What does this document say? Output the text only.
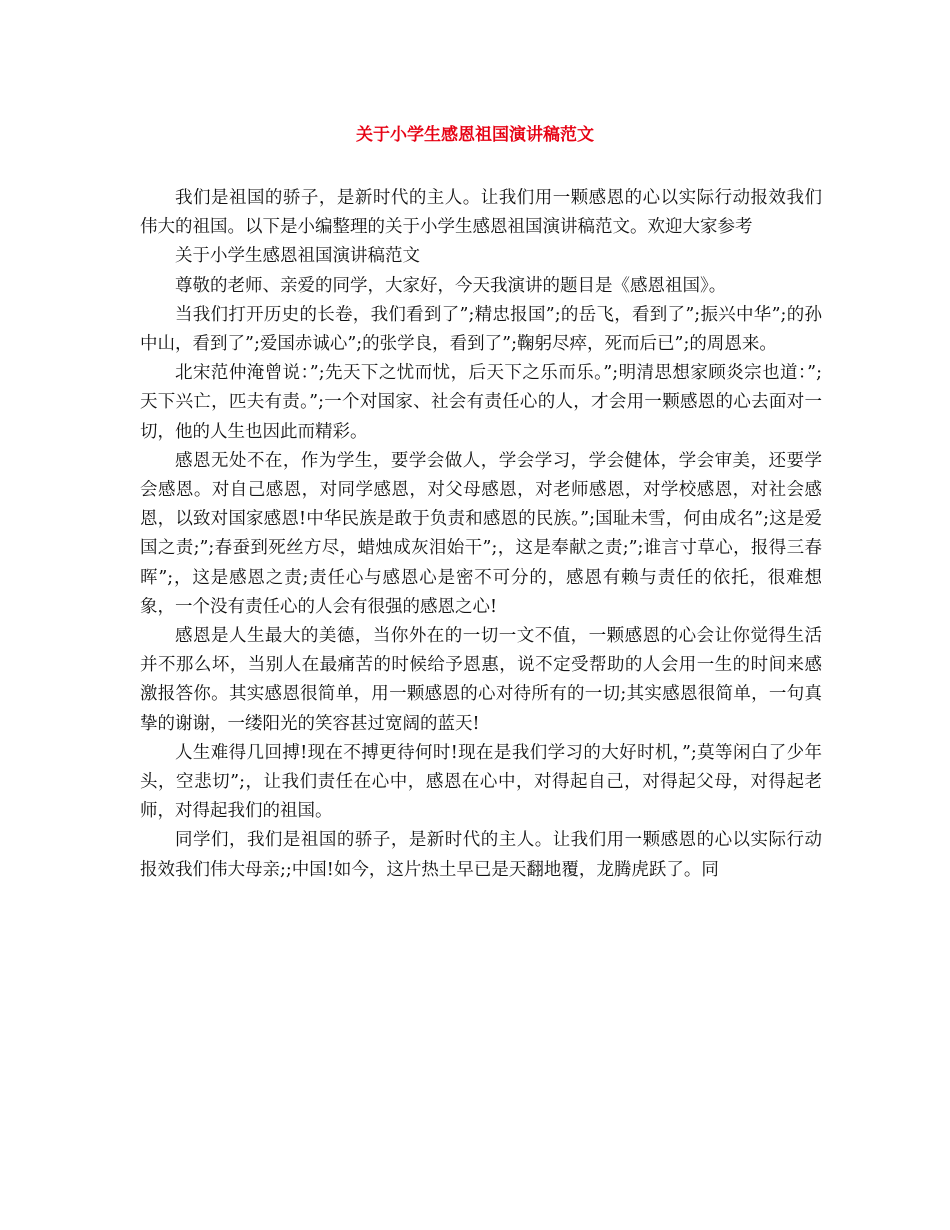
关于小学生感恩祖国演讲稿范文

我们是祖国的骄子，是新时代的主人。让我们用一颗感恩的心以实际行动报效我们伟大的祖国。以下是小编整理的关于小学生感恩祖国演讲稿范文。欢迎大家参考

关于小学生感恩祖国演讲稿范文

尊敬的老师、亲爱的同学，大家好，今天我演讲的题目是《感恩祖国》。

当我们打开历史的长卷，我们看到了”;精忠报国”;的岳飞，看到了”;振兴中华”;的孙中山，看到了”;爱国赤诚心”;的张学良，看到了”;鞠躬尽瘁，死而后已”;的周恩来。

北宋范仲淹曾说：”;先天下之忧而忧，后天下之乐而乐。”;明清思想家顾炎宗也道：”;天下兴亡，匹夫有责。”;一个对国家、社会有责任心的人，才会用一颗感恩的心去面对一切，他的人生也因此而精彩。

感恩无处不在，作为学生，要学会做人，学会学习，学会健体，学会审美，还要学会感恩。对自己感恩，对同学感恩，对父母感恩，对老师感恩，对学校感恩，对社会感恩，以致对国家感恩!中华民族是敢于负责和感恩的民族。”;国耻未雪，何由成名”;这是爱国之责;”;春蚕到死丝方尽，蜡烛成灰泪始干”;，这是奉献之责;”;谁言寸草心，报得三春晖”;，这是感恩之责;责任心与感恩心是密不可分的，感恩有赖与责任的依托，很难想象，一个没有责任心的人会有很强的感恩之心!

感恩是人生最大的美德，当你外在的一切一文不值，一颗感恩的心会让你觉得生活并不那么坏，当别人在最痛苦的时候给予恩惠，说不定受帮助的人会用一生的时间来感激报答你。其实感恩很简单，用一颗感恩的心对待所有的一切;其实感恩很简单，一句真挚的谢谢，一缕阳光的笑容甚过宽阔的蓝天!

人生难得几回搏!现在不搏更待何时!现在是我们学习的大好时机，”;莫等闲白了少年头，空悲切”;，让我们责任在心中，感恩在心中，对得起自己，对得起父母，对得起老师，对得起我们的祖国。

同学们，我们是祖国的骄子，是新时代的主人。让我们用一颗感恩的心以实际行动报效我们伟大母亲;;中国!如今，这片热土早已是天翻地覆，龙腾虎跃了。同
